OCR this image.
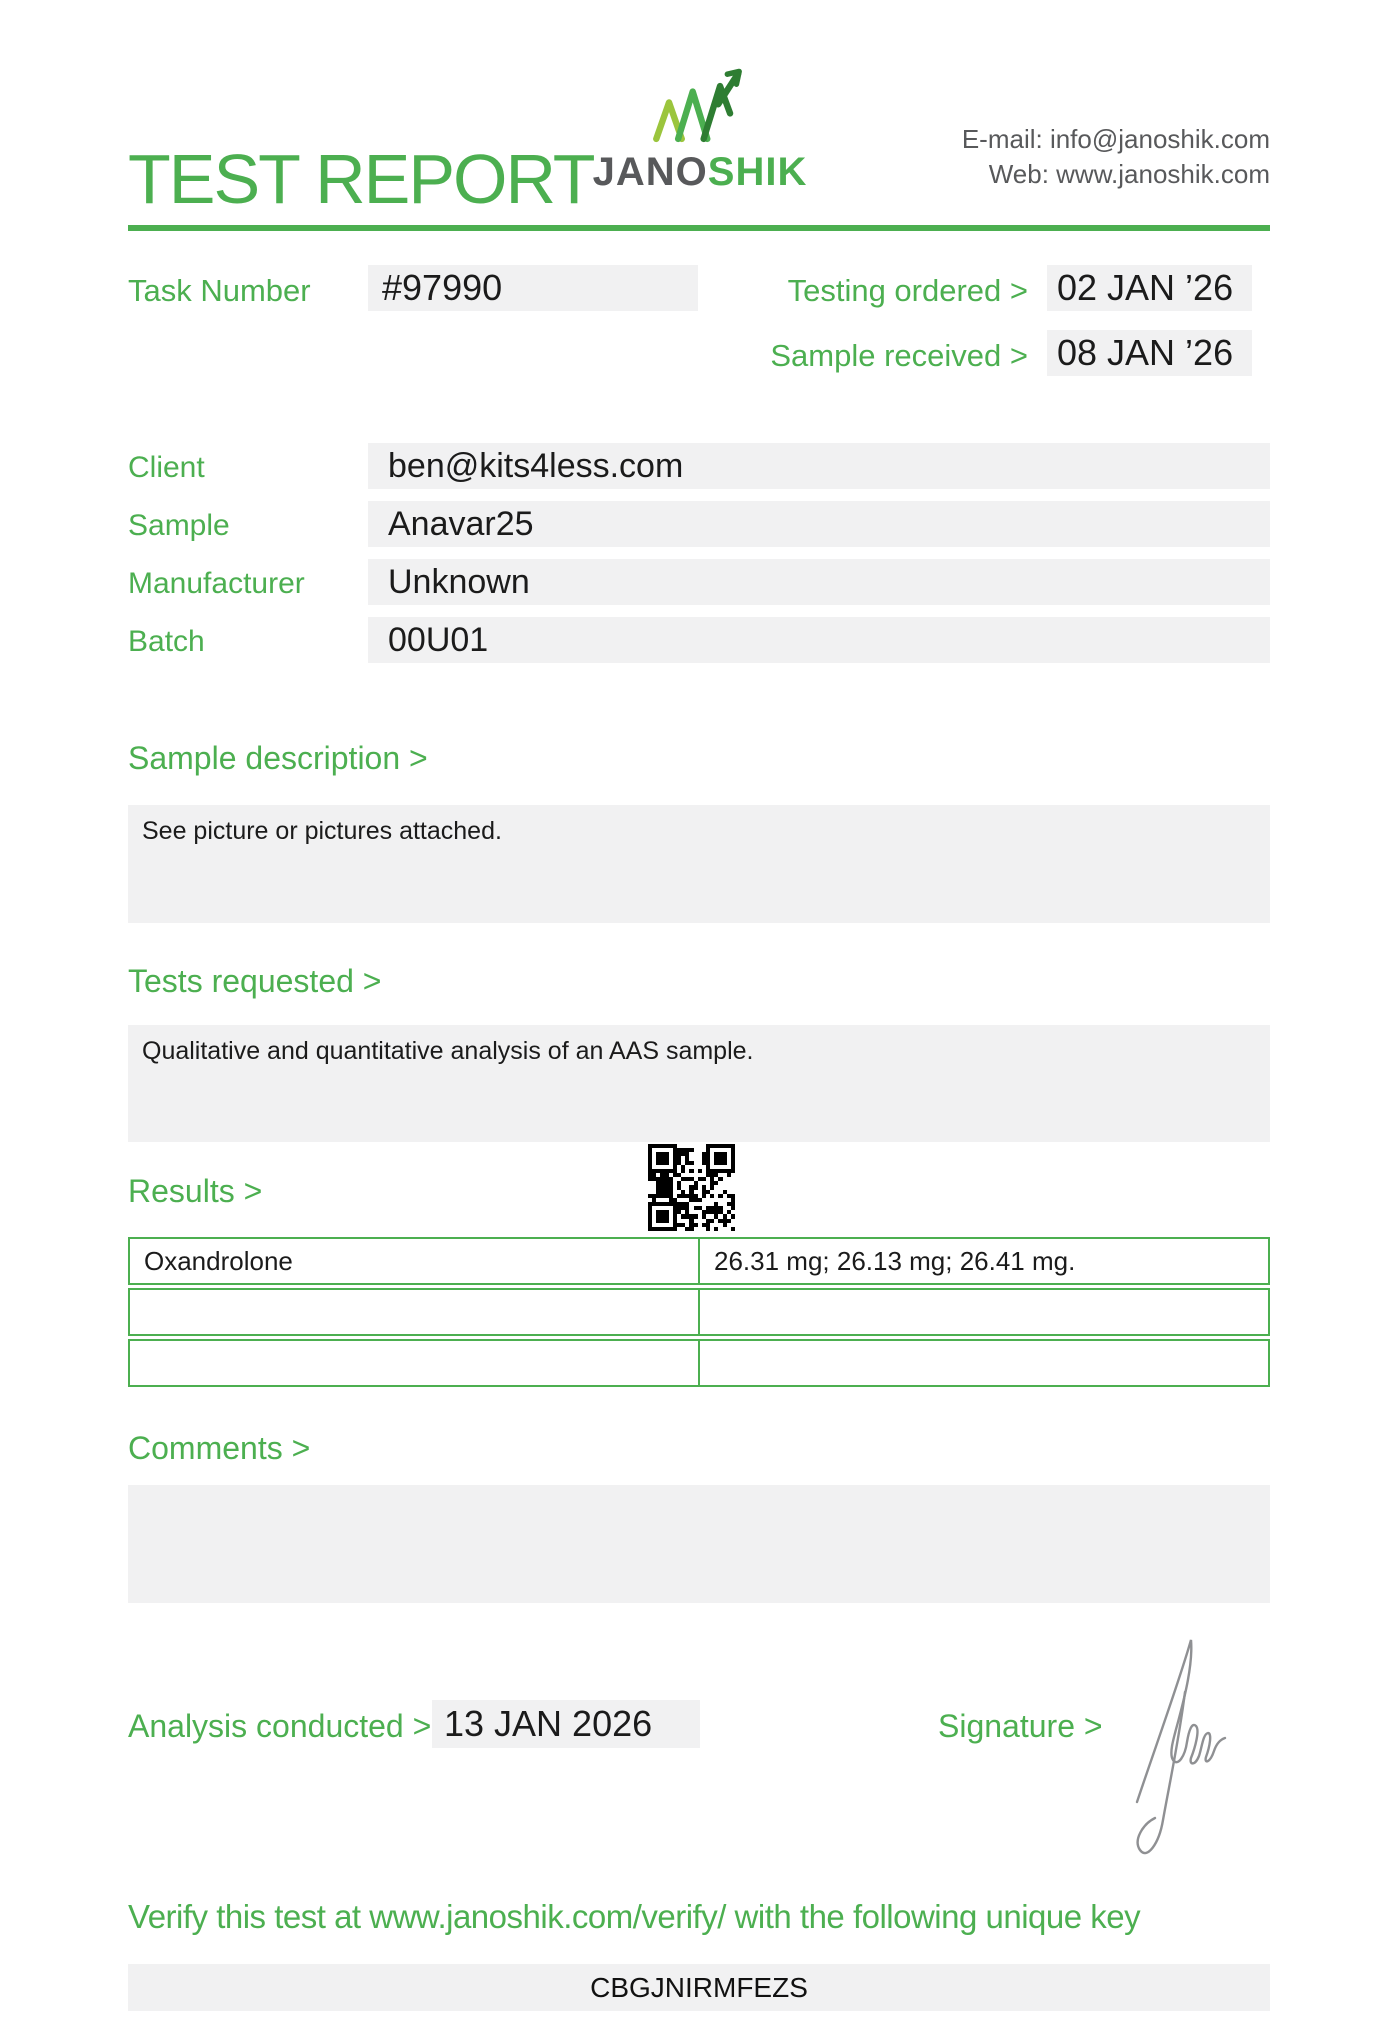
TEST REPORT JANOSHIK
E-mail: info@janoshik.com
Web: www.janoshik.com
Task Number	#97990	Testing ordered > 02 JAN ’26
Sample received > 08 JAN ’26
Client	ben@kits4less.com
Sample	Anavar25
Manufacturer	Unknown
Batch	00U01
Sample description >
See picture or pictures attached.
Tests requested >
Qualitative and quantitative analysis of an AAS sample.
Results >
Oxandrolone	26.31 mg; 26.13 mg; 26.41 mg.
Comments >
Analysis conducted > 13 JAN 2026	Signature >
Verify this test at www.janoshik.com/verify/ with the following unique key
CBGJNIRMFEZS
